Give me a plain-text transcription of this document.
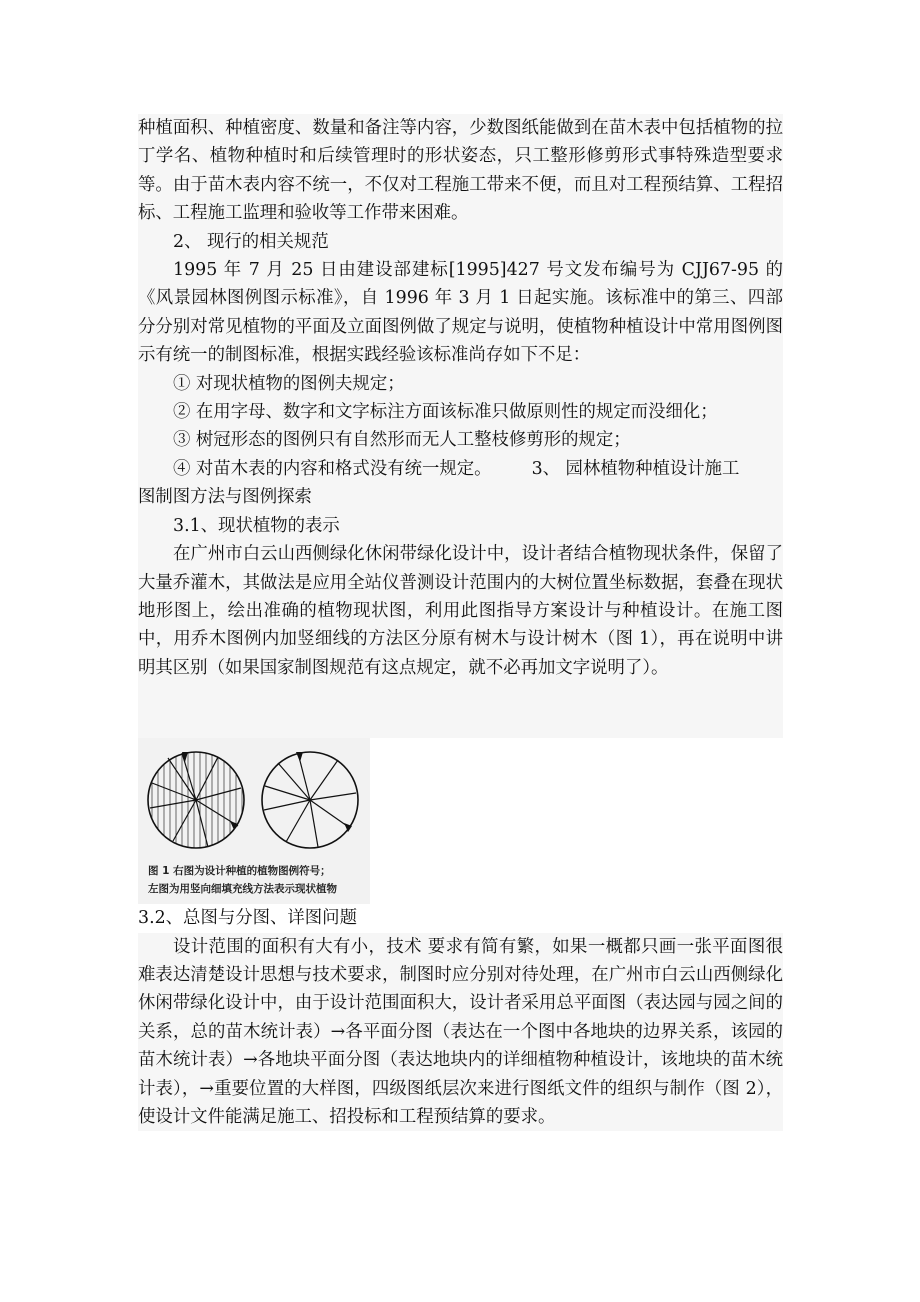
种植面积、种植密度、数量和备注等内容，少数图纸能做到在苗木表中包括植物的拉丁学名、植物种植时和后续管理时的形状姿态，只工整形修剪形式事特殊造型要求等。由于苗木表内容不统一，不仅对工程施工带来不便，而且对工程预结算、工程招标、工程施工监理和验收等工作带来困难。

2、 现行的相关规范

1995 年 7 月 25 日由建设部建标[1995]427 号文发布编号为 CJJ67-95 的《风景园林图例图示标准》，自 1996 年 3 月 1 日起实施。该标准中的第三、四部分分别对常见植物的平面及立面图例做了规定与说明，使植物种植设计中常用图例图示有统一的制图标准，根据实践经验该标准尚存如下不足：

① 对现状植物的图例夫规定；

② 在用字母、数字和文字标注方面该标准只做原则性的规定而没细化；

③ 树冠形态的图例只有自然形而无人工整枝修剪形的规定；

④ 对苗木表的内容和格式没有统一规定。 3、 园林植物种植设计施工

图制图方法与图例探索

3.1、现状植物的表示

在广州市白云山西侧绿化休闲带绿化设计中，设计者结合植物现状条件，保留了大量乔灌木，其做法是应用全站仪普测设计范围内的大树位置坐标数据，套叠在现状地形图上，绘出准确的植物现状图，利用此图指导方案设计与种植设计。在施工图中，用乔木图例内加竖细线的方法区分原有树木与设计树木（图 1），再在说明中讲明其区别（如果国家制图规范有这点规定，就不必再加文字说明了）。

图 1 右图为设计种植的植物图例符号；
左图为用竖向细填充线方法表示现状植物

3.2、总图与分图、详图问题

设计范围的面积有大有小，技术 要求有简有繁，如果一概都只画一张平面图很难表达清楚设计思想与技术要求，制图时应分别对待处理，在广州市白云山西侧绿化休闲带绿化设计中，由于设计范围面积大，设计者采用总平面图（表达园与园之间的关系，总的苗木统计表）→各平面分图（表达在一个图中各地块的边界关系，该园的苗木统计表）→各地块平面分图（表达地块内的详细植物种植设计，该地块的苗木统计表），→重要位置的大样图，四级图纸层次来进行图纸文件的组织与制作（图 2），使设计文件能满足施工、招投标和工程预结算的要求。
